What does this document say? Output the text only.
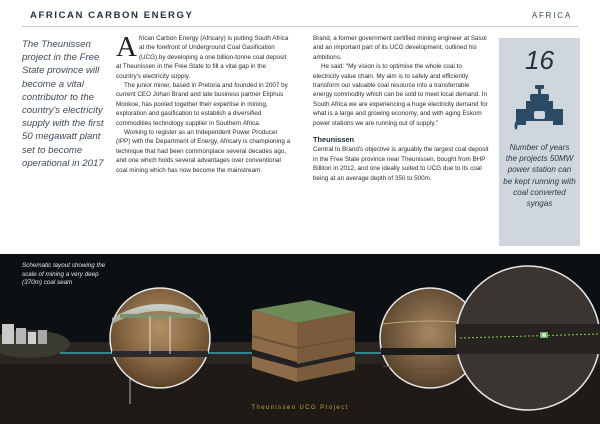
AFRICAN CARBON ENERGY	AFRICA
The Theunissen project in the Free State province will become a vital contributor to the country's electricity supply with the first 50 megawatt plant set to become operational in 2017

African Carbon Energy (Africary) is putting South Africa at the forefront of Underground Coal Gasification (UCG) by developing a one billion-tonne coal deposit at Theunissen in the Free State to fill a vital gap in the country's electricity supply.

The junior miner, based in Pretoria and founded in 2007 by current CEO Johan Brand and late business partner Eliphus Monkoe, has pooled together their expertise in mining, exploration and gasification to establish a diversified commodities technology supplier in Southern Africa.

Working to register as an Independent Power Producer (IPP) with the Department of Energy, Africary is championing a technique that had been commonplace several decades ago, and one which holds several advantages over conventional coal mining which has now become the mainstream.

Brand, a former government certified mining engineer at Sasol and an important part of its UCG development, outlined his ambitions.

He said: "My vision is to optimise the whole coal to electricity value chain. My aim is to safely and efficiently transform our valuable coal resource into a transferrable energy commodity which can be sold to meet local demand. In South Africa we are experiencing a huge electricity demand for what is a large and growing economy, and with aging Eskom power stations we are running out of supply."

Theunissen

Central to Brand's objective is arguably the largest coal deposit in the Free State province near Theunissen, bought from BHP Billiton in 2012, and one ideally suited to UCG due to its coal being at an average depth of 350 to 500m.

16
Number of years the projects 50MW power station can be kept running with coal converted syngas
Schematic layout showing the scale of mining a very deep (370m) coal seam
Theunissen UCG Project
